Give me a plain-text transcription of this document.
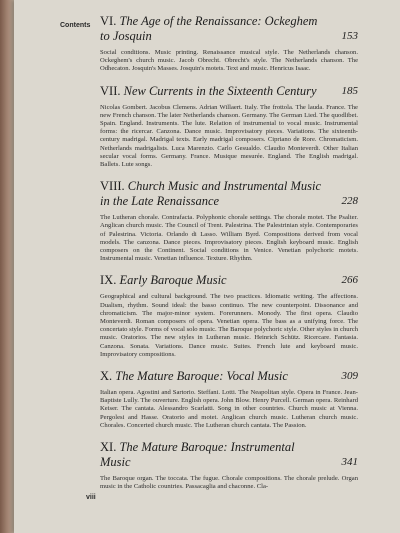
Contents
viii
VI. The Age of the Renaissance: Ockeghem to Josquin	153
Social conditions. Music printing. Renaissance musical style. The Netherlands chanson. Ockeghem's church music. Jacob Obrecht. Obrecht's style. The Netherlands chanson. The Odhecaton. Josquin's Masses. Josquin's motets. Text and music. Henricus Isaac.
VII. New Currents in the Sixteenth Century 185
Nicolas Gombert. Jacobus Clemens. Adrian Willaert. Italy. The frottola. The lauda. France. The new French chanson. The later Netherlands chanson. Germany. The German Lied. The quodlibet. Spain. England. Instruments. The lute. Relation of instrumental to vocal music. Instrumental forms: the ricercar. Canzona. Dance music. Improvisatory pieces. Variations. The sixteenth-century madrigal. Madrigal texts. Early madrigal composers. Cipriano de Rore. Chromaticism. Netherlands madrigalists. Luca Marenzio. Carlo Gesualdo. Claudio Monteverdi. Other Italian secular vocal forms. Germany. France. Musique mesurée. England. The English madrigal. Ballets. Lute songs.
VIII. Church Music and Instrumental Music in the Late Renaissance	228
The Lutheran chorale. Contrafacta. Polyphonic chorale settings. The chorale motet. The Psalter. Anglican church music. The Council of Trent. Palestrina. The Palestrinian style. Contemporaries of Palestrina. Victoria. Orlando di Lasso. William Byrd. Compositions derived from vocal models. The canzona. Dance pieces. Improvisatory pieces. English keyboard music. English composers on the Continent. Social conditions in Venice. Venetian polychoric motets. Instrumental music. Venetian influence. Texture. Rhythm.
IX. Early Baroque Music	266
Geographical and cultural background. The two practices. Idiomatic writing. The affections. Dualism, rhythm. Sound ideal: the basso continuo. The new counterpoint. Dissonance and chromaticism. The major-minor system. Forerunners. Monody. The first opera. Claudio Monteverdi. Roman composers of opera. Venetian opera. The bass as a unifying force. The concertato style. Forms of vocal solo music. The Baroque polychoric style. Other styles in church music. Oratorios. The new styles in Lutheran music. Heinrich Schütz. Ricercare. Fantasia. Canzona. Sonata. Variations. Dance music. Suites. French lute and keyboard music. Improvisatory compositions.
X. The Mature Baroque: Vocal Music	309
Italian opera. Agostini and Sartorio. Steffani. Lotti. The Neapolitan style. Opera in France. Jean-Baptiste Lully. The ouverture. English opera. John Blow. Henry Purcell. German opera. Reinhard Keiser. The cantata. Alessandro Scarlatti. Song in other countries. Church music at Vienna. Pergolesi and Hasse. Oratorio and motet. Anglican church music. Lutheran church music. Chorales. Concerted church music. The Lutheran church cantata. The Passion.
XI. The Mature Baroque: Instrumental Music	341
The Baroque organ. The toccata. The fugue. Chorale compositions. The chorale prelude. Organ music in the Catholic countries. Passacaglia and chaconne. Cla-
